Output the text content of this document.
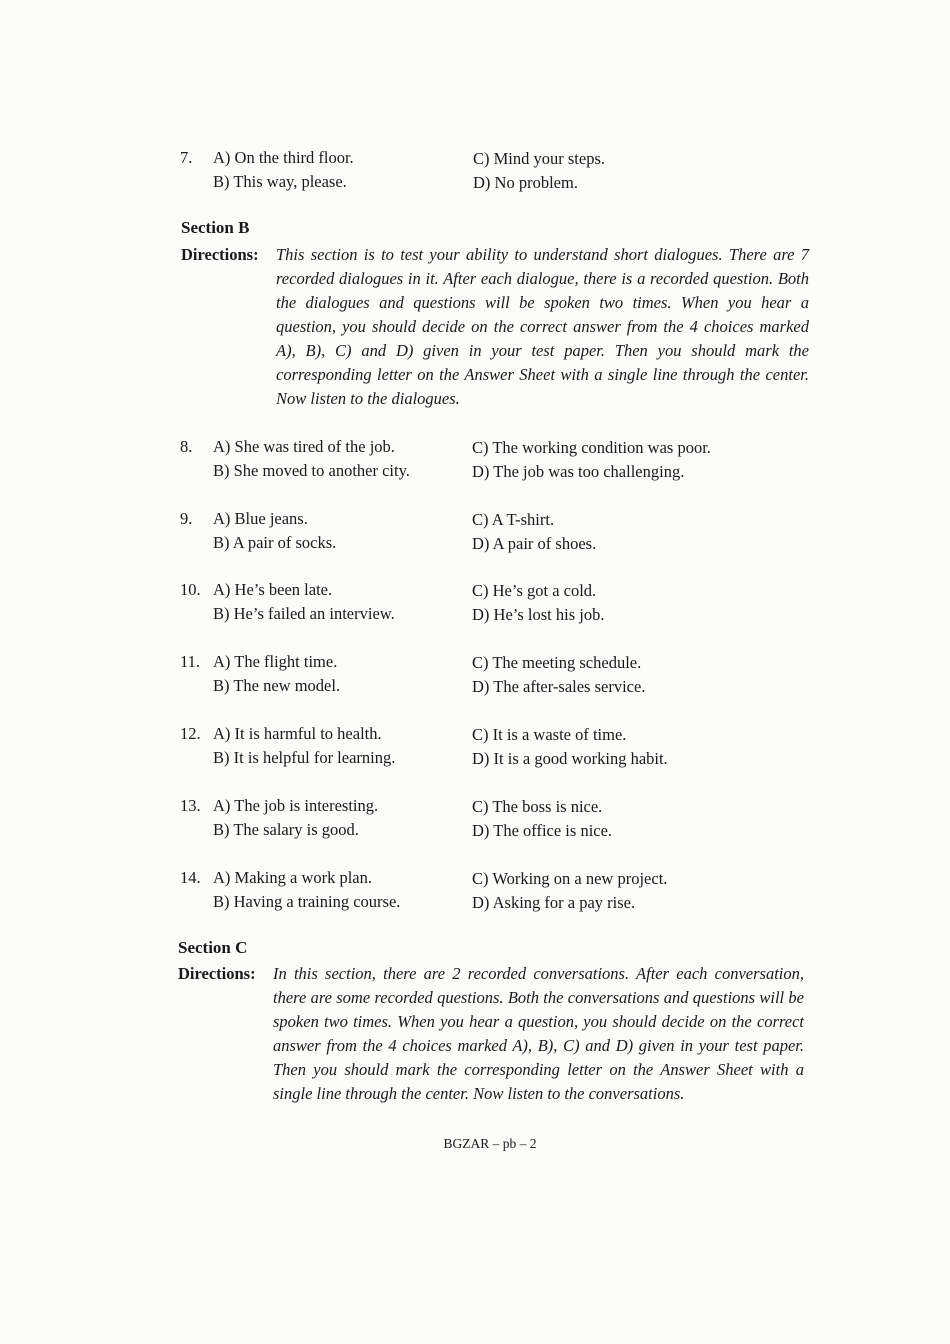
7. A) On the third floor.
B) This way, please.
C) Mind your steps.
D) No problem.
Section B
Directions: This section is to test your ability to understand short dialogues. There are 7 recorded dialogues in it. After each dialogue, there is a recorded question. Both the dialogues and questions will be spoken two times. When you hear a question, you should decide on the correct answer from the 4 choices marked A), B), C) and D) given in your test paper. Then you should mark the corresponding letter on the Answer Sheet with a single line through the center. Now listen to the dialogues.
8. A) She was tired of the job.
B) She moved to another city.
C) The working condition was poor.
D) The job was too challenging.
9. A) Blue jeans.
B) A pair of socks.
C) A T-shirt.
D) A pair of shoes.
10. A) He’s been late.
B) He’s failed an interview.
C) He’s got a cold.
D) He’s lost his job.
11. A) The flight time.
B) The new model.
C) The meeting schedule.
D) The after-sales service.
12. A) It is harmful to health.
B) It is helpful for learning.
C) It is a waste of time.
D) It is a good working habit.
13. A) The job is interesting.
B) The salary is good.
C) The boss is nice.
D) The office is nice.
14. A) Making a work plan.
B) Having a training course.
C) Working on a new project.
D) Asking for a pay rise.
Section C
Directions: In this section, there are 2 recorded conversations. After each conversation, there are some recorded questions. Both the conversations and questions will be spoken two times. When you hear a question, you should decide on the correct answer from the 4 choices marked A), B), C) and D) given in your test paper. Then you should mark the corresponding letter on the Answer Sheet with a single line through the center. Now listen to the conversations.
BGZAR – pb – 2
